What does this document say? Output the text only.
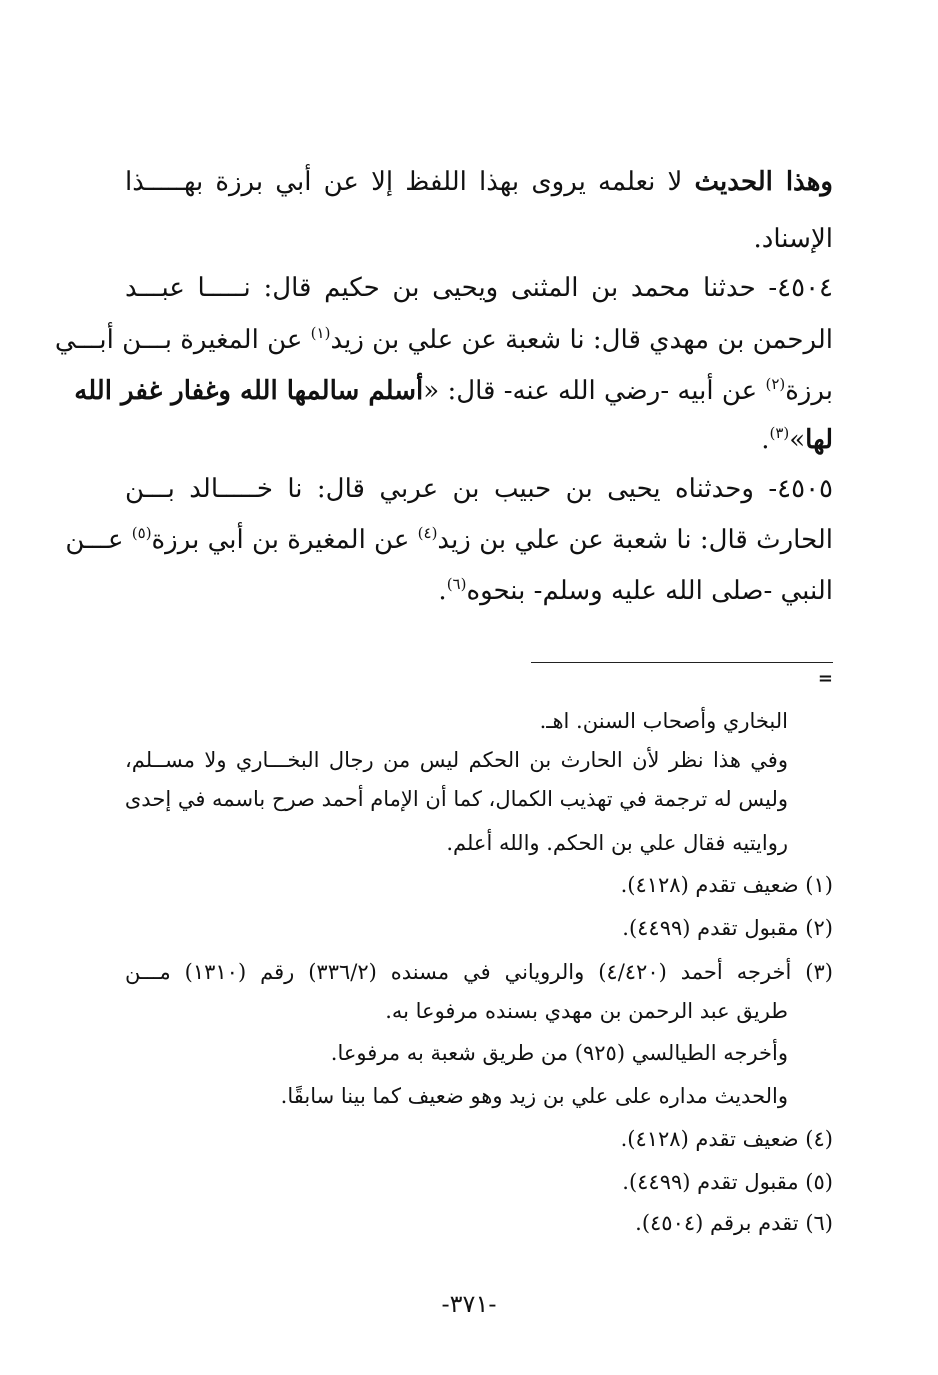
وهذا الحديث لا نعلمه يروى بهذا اللفظ إلا عن أبي برزة بهـــــذا
الإسناد.
٤٥٠٤- حدثنا محمد بن المثنى ويحيى بن حكيم قال: نـــــا عبـــد
الرحمن بن مهدي قال: نا شعبة عن علي بن زيد$^{(١)}$ عن المغيرة بـــن أبـــي
برزة$^{(٢)}$ عن أبيه -رضي الله عنه- قال: «أسلم سالمها الله وغفار غفر الله
لها»$^{(٣)}$.
٤٥٠٥- وحدثناه يحيى بن حبيب بن عربي قال: نا خـــــالد بـــن
الحارث قال: نا شعبة عن علي بن زيد$^{(٤)}$ عن المغيرة بن أبي برزة$^{(٥)}$ عـــن
النبي -صلى الله عليه وسلم- بنحوه$^{(٦)}$.
=
البخاري وأصحاب السنن. اهـ.
وفي هذا نظر لأن الحارث بن الحكم ليس من رجال البخـــاري ولا مســلم،
وليس له ترجمة في تهذيب الكمال، كما أن الإمام أحمد صرح باسمه في إحدى
روايتيه فقال علي بن الحكم. والله أعلم.
(١) ضعيف تقدم (٤١٢٨).
(٢) مقبول تقدم (٤٤٩٩).
(٣) أخرجه أحمد (٤/٤٢٠) والروياني في مسنده (٣٣٦/٢) رقم (١٣١٠) مـــن
طريق عبد الرحمن بن مهدي بسنده مرفوعا به.
وأخرجه الطيالسي (٩٢٥) من طريق شعبة به مرفوعا.
والحديث مداره على علي بن زيد وهو ضعيف كما بينا سابقًا.
(٤) ضعيف تقدم (٤١٢٨).
(٥) مقبول تقدم (٤٤٩٩).
(٦) تقدم برقم (٤٥٠٤).
-٣٧١-
